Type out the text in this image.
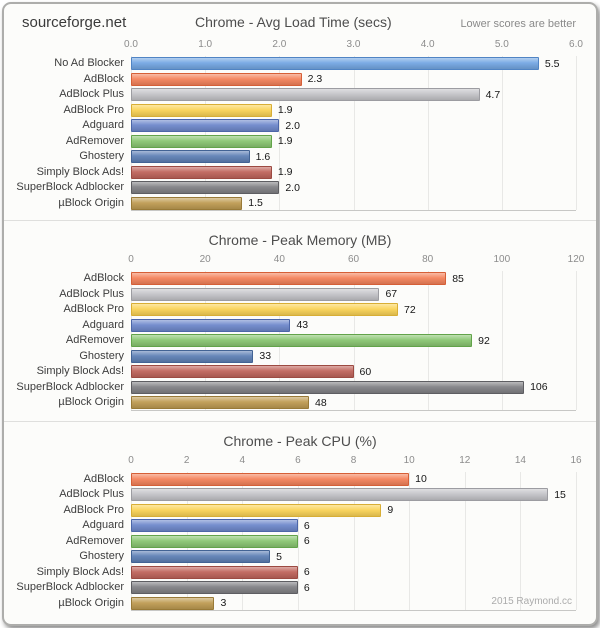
sourceforge.net	Chrome - Avg Load Time (secs)	Lower scores are better
0.0	1.0	2.0	3.0	4.0	5.0	6.0
No Ad Blocker	5.5
AdBlock	2.3
AdBlock Plus	4.7
AdBlock Pro	1.9
Adguard	2.0
AdRemover	1.9
Ghostery	1.6
Simply Block Ads!	1.9
SuperBlock Adblocker	2.0
µBlock Origin	1.5
Chrome - Peak Memory (MB)
0	20	40	60	80	100	120
AdBlock	85
AdBlock Plus	67
AdBlock Pro	72
Adguard	43
AdRemover	92
Ghostery	33
Simply Block Ads!	60
SuperBlock Adblocker	106
µBlock Origin	48
Chrome - Peak CPU (%)
0	2	4	6	8	10	12	14	16
AdBlock	10
AdBlock Plus	15
AdBlock Pro	9
Adguard	6
AdRemover	6
Ghostery	5
Simply Block Ads!	6
SuperBlock Adblocker	6
µBlock Origin	3	2015 Raymond.cc
